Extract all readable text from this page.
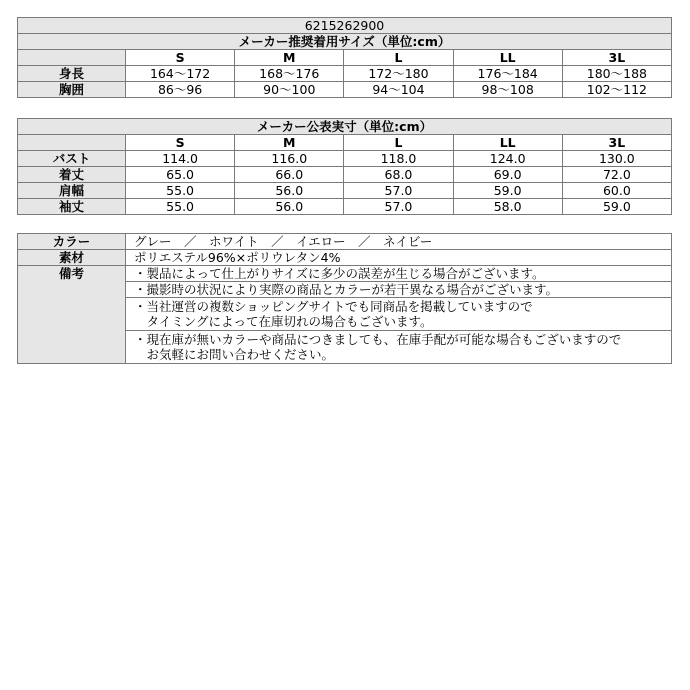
6215262900					
メーカー推奨着用サイズ（単位:cm）					
	S	M	L	LL	3L
身長	164～172	168～176	172～180	176～184	180～188
胸囲	86～96	90～100	94～104	98～108	102～112
メーカー公表実寸（単位:cm）					
	S	M	L	LL	3L
バスト	114.0	116.0	118.0	124.0	130.0
着丈	65.0	66.0	68.0	69.0	72.0
肩幅	55.0	56.0	57.0	59.0	60.0
袖丈	55.0	56.0	57.0	58.0	59.0
カラー	グレー　／　ホワイト　／　イエロー　／　ネイビー
素材	ポリエステル96%×ポリウレタン4%
備考	・製品によって仕上がりサイズに多少の誤差が生じる場合がございます。
	・撮影時の状況により実際の商品とカラーが若干異なる場合がございます。

	・当社運営の複数ショッピングサイトでも同商品を掲載していますので
　タイミングによって在庫切れの場合もございます。

	・現在庫が無いカラーや商品につきましても、在庫手配が可能な場合もございますので
　お気軽にお問い合わせください。
